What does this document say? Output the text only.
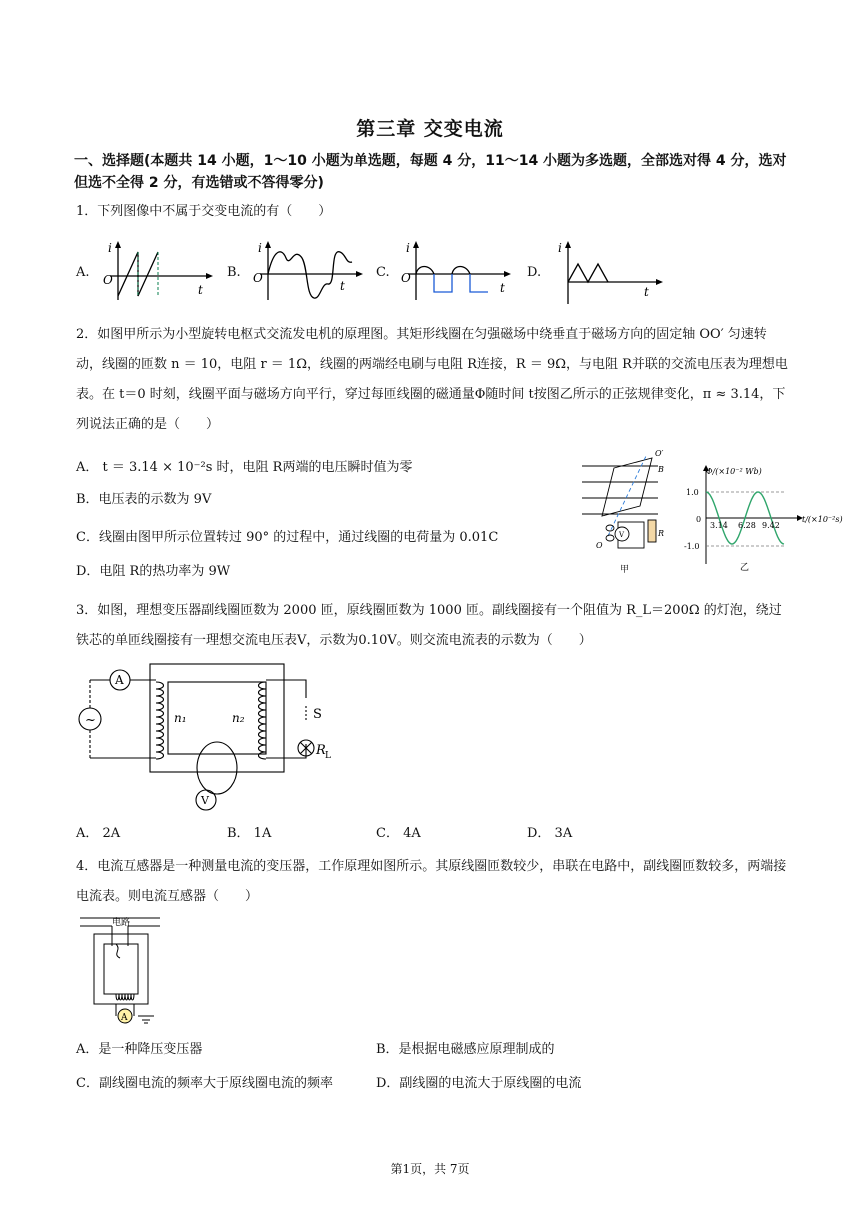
第三章 交变电流
一、选择题(本题共 14 小题，1～10 小题为单选题，每题 4 分，11～14 小题为多选题，全部选对得 4 分，选对但选不全得 2 分，有选错或不答得零分)
1．下列图像中不属于交变电流的有（　　）
A.
i
O
t
B.
i
O
t
C.
i
O
t
D.
i
t
2．如图甲所示为小型旋转电枢式交流发电机的原理图。其矩形线圈在匀强磁场中绕垂直于磁场方向的固定轴 OO′ 匀速转动，线圈的匝数 n ＝ 10，电阻 r ＝ 1Ω，线圈的两端经电刷与电阻 R连接，R ＝ 9Ω，与电阻 R并联的交流电压表为理想电表。在 t＝0 时刻，线圈平面与磁场方向平行，穿过每匝线圈的磁通量Φ随时间 t按图乙所示的正弦规律变化，π ≈ 3.14，下列说法正确的是（　　）
A． t ＝ 3.14 × 10⁻²s 时，电阻 R两端的电压瞬时值为零
B．电压表的示数为 9V
C．线圈由图甲所示位置转过 90° 的过程中，通过线圈的电荷量为 0.01C
D．电阻 R的热功率为 9W
O′
B
V	R
O
甲
Φ/(×10⁻² Wb)
t/(×10⁻²s)
1.0
0
-1.0
3.14 6.28 9.42
乙
3．如图，理想变压器副线圈匝数为 2000 匝，原线圈匝数为 1000 匝。副线圈接有一个阻值为 R_L＝200Ω 的灯泡，绕过铁芯的单匝线圈接有一理想交流电压表V，示数为0.10V。则交流电流表的示数为（　　）
A
~	n₁	n₂	S
R L
V
A． 2A	B． 1A	C． 4A	D． 3A
4．电流互感器是一种测量电流的变压器，工作原理如图所示。其原线圈匝数较少，串联在电路中，副线圈匝数较多，两端接电流表。则电流互感器（　　）
电路
A
A．是一种降压变压器	B．是根据电磁感应原理制成的
C．副线圈电流的频率大于原线圈电流的频率	D．副线圈的电流大于原线圈的电流
第1页，共 7页
